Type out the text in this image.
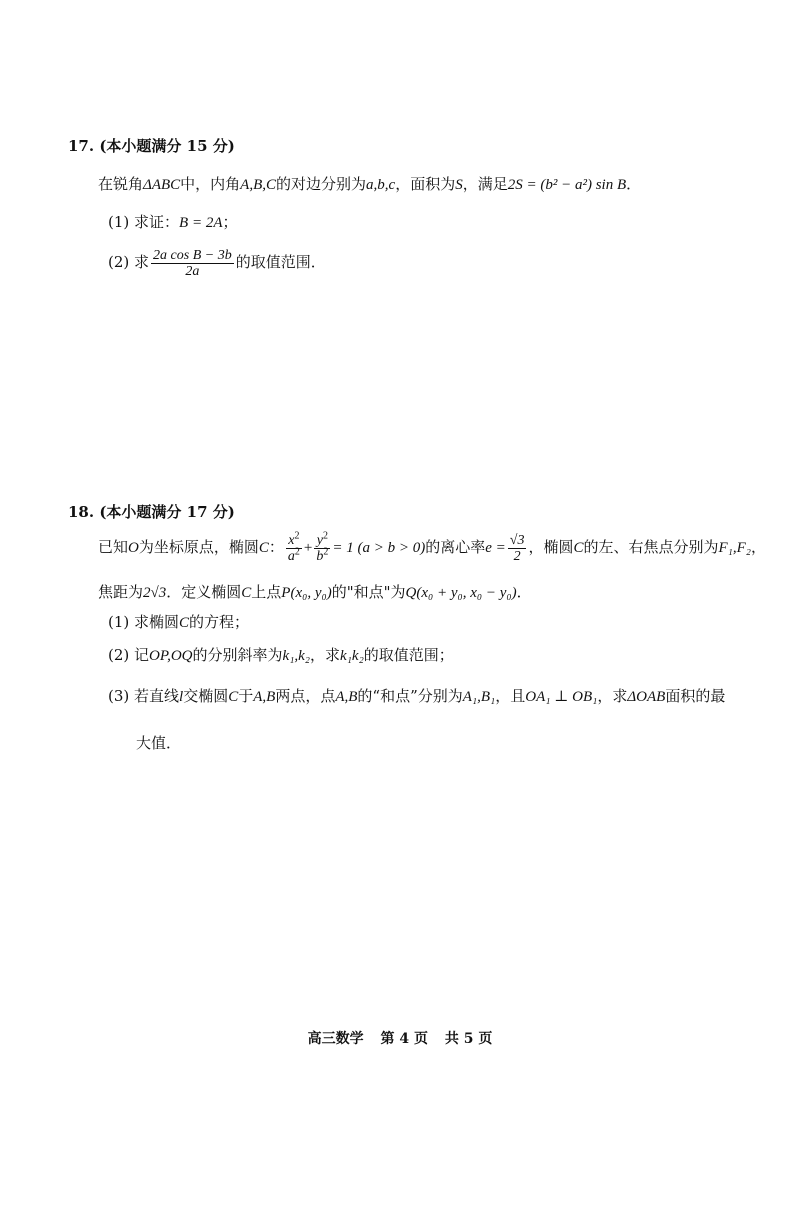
17. (本小题满分 15 分)
在锐角ΔABC中，内角A,B,C的对边分别为a,b,c，面积为S，满足2S = (b² − a²) sin B．
(1) 求证：B = 2A；
(2) 求 $\frac{\text{2a cos B − 3b}}{2a}$ 的取值范围．
18. (本小题满分 17 分)
已知O为坐标原点，椭圆C： $\frac{x^2}{a^2} + \frac{y^2}{b^2} = 1$ (a > b > 0)的离心率$e = \frac{√3}{2}$ ，椭圆C的左、右焦点分别为F₁,F₂，
焦距为2√3．定义椭圆C上点P(x₀, y₀)的"和点"为Q(x₀ + y₀, x₀ − y₀)．
(1) 求椭圆C的方程；
(2) 记OP,OQ的分别斜率为k₁,k₂，求k₁k₂的取值范围；
(3) 若直线l交椭圆C于A,B两点，点A,B的“和点”分别为A₁,B₁，且OA₁ ⊥ OB₁，求ΔOAB面积的最
大值．
高三数学 第 4 页 共 5 页
